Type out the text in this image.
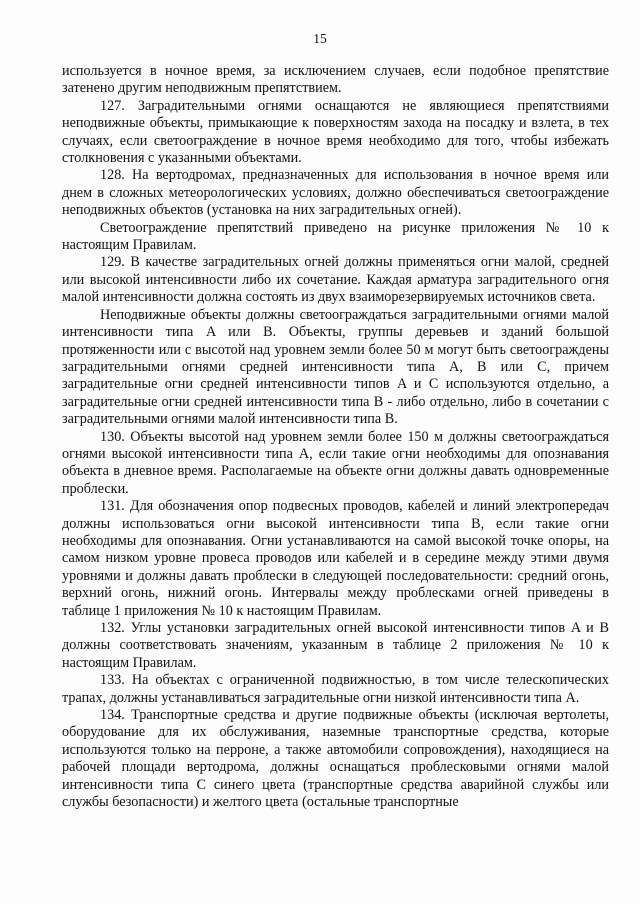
15

используется в ночное время, за исключением случаев, если подобное препятствие затенено другим неподвижным препятствием.

127. Заградительными огнями оснащаются не являющиеся препятствиями неподвижные объекты, примыкающие к поверхностям захода на посадку и взлета, в тех случаях, если светоограждение в ночное время необходимо для того, чтобы избежать столкновения с указанными объектами.

128. На вертодромах, предназначенных для использования в ночное время или днем в сложных метеорологических условиях, должно обеспечиваться светоограждение неподвижных объектов (установка на них заградительных огней).

Светоограждение препятствий приведено на рисунке приложения № 10 к настоящим Правилам.

129. В качестве заградительных огней должны применяться огни малой, средней или высокой интенсивности либо их сочетание. Каждая арматура заградительного огня малой интенсивности должна состоять из двух взаиморезервируемых источников света.

Неподвижные объекты должны светоограждаться заградительными огнями малой интенсивности типа A или B. Объекты, группы деревьев и зданий большой протяженности или с высотой над уровнем земли более 50 м могут быть светоограждены заградительными огнями средней интенсивности типа A, B или C, причем заградительные огни средней интенсивности типов A и C используются отдельно, а заградительные огни средней интенсивности типа B - либо отдельно, либо в сочетании с заградительными огнями малой интенсивности типа B.

130. Объекты высотой над уровнем земли более 150 м должны светоограждаться огнями высокой интенсивности типа A, если такие огни необходимы для опознавания объекта в дневное время. Располагаемые на объекте огни должны давать одновременные проблески.

131. Для обозначения опор подвесных проводов, кабелей и линий электропередач должны использоваться огни высокой интенсивности типа B, если такие огни необходимы для опознавания. Огни устанавливаются на самой высокой точке опоры, на самом низком уровне провеса проводов или кабелей и в середине между этими двумя уровнями и должны давать проблески в следующей последовательности: средний огонь, верхний огонь, нижний огонь. Интервалы между проблесками огней приведены в таблице 1 приложения № 10 к настоящим Правилам.

132. Углы установки заградительных огней высокой интенсивности типов A и B должны соответствовать значениям, указанным в таблице 2 приложения № 10 к настоящим Правилам.

133. На объектах с ограниченной подвижностью, в том числе телескопических трапах, должны устанавливаться заградительные огни низкой интенсивности типа A.

134. Транспортные средства и другие подвижные объекты (исключая вертолеты, оборудование для их обслуживания, наземные транспортные средства, которые используются только на перроне, а также автомобили сопровождения), находящиеся на рабочей площади вертодрома, должны оснащаться проблесковыми огнями малой интенсивности типа C синего цвета (транспортные средства аварийной службы или службы безопасности) и желтого цвета (остальные транспортные
